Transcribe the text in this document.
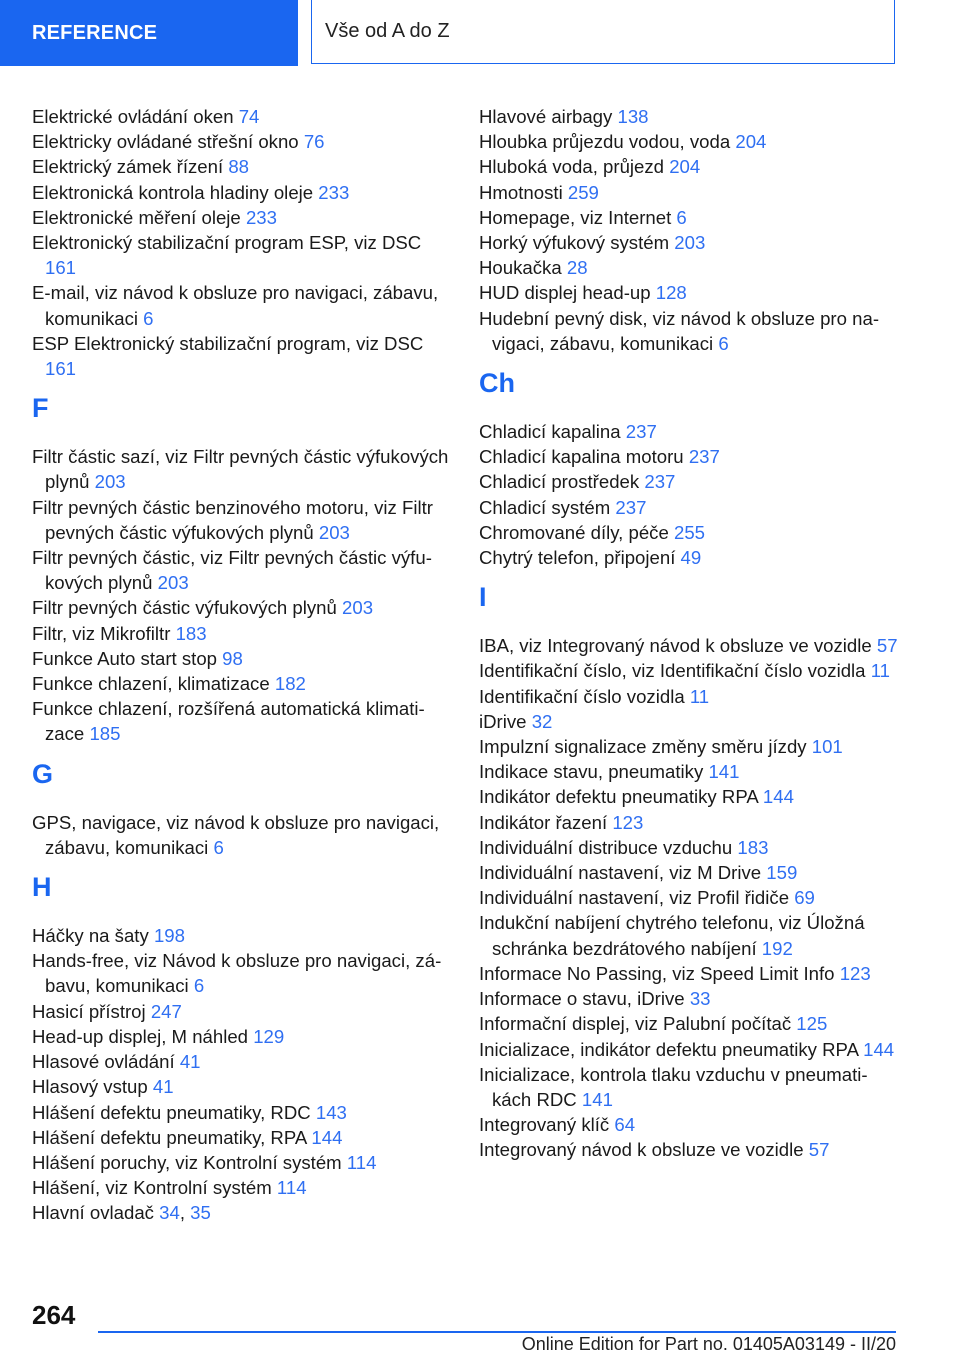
REFERENCE	Vše od A do Z
Elektrické ovládání oken 74
Elektricky ovládané střešní okno 76
Elektrický zámek řízení 88
Elektronická kontrola hladiny oleje 233
Elektronické měření oleje 233
Elektronický stabilizační program ESP, viz DSC 161
E-mail, viz návod k obsluze pro navigaci, zábavu, komunikaci 6
ESP Elektronický stabilizační program, viz DSC 161
F
Filtr částic sazí, viz Filtr pevných částic výfukových plynů 203
Filtr pevných částic benzinového motoru, viz Filtr pevných částic výfukových plynů 203
Filtr pevných částic, viz Filtr pevných částic výfukových plynů 203
Filtr pevných částic výfukových plynů 203
Filtr, viz Mikrofiltr 183
Funkce Auto start stop 98
Funkce chlazení, klimatizace 182
Funkce chlazení, rozšířená automatická klimatizace 185
G
GPS, navigace, viz návod k obsluze pro navigaci, zábavu, komunikaci 6
H
Háčky na šaty 198
Hands-free, viz Návod k obsluze pro navigaci, zábavu, komunikaci 6
Hasicí přístroj 247
Head-up displej, M náhled 129
Hlasové ovládání 41
Hlasový vstup 41
Hlášení defektu pneumatiky, RDC 143
Hlášení defektu pneumatiky, RPA 144
Hlášení poruchy, viz Kontrolní systém 114
Hlášení, viz Kontrolní systém 114
Hlavní ovladač 34, 35
Hlavové airbagy 138
Hloubka průjezdu vodou, voda 204
Hluboká voda, průjezd 204
Hmotnosti 259
Homepage, viz Internet 6
Horký výfukový systém 203
Houkačka 28
HUD displej head-up 128
Hudební pevný disk, viz návod k obsluze pro navigaci, zábavu, komunikaci 6
Ch
Chladicí kapalina 237
Chladicí kapalina motoru 237
Chladicí prostředek 237
Chladicí systém 237
Chromované díly, péče 255
Chytrý telefon, připojení 49
I
IBA, viz Integrovaný návod k obsluze ve vozidle 57
Identifikační číslo, viz Identifikační číslo vozidla 11
Identifikační číslo vozidla 11
iDrive 32
Impulzní signalizace změny směru jízdy 101
Indikace stavu, pneumatiky 141
Indikátor defektu pneumatiky RPA 144
Indikátor řazení 123
Individuální distribuce vzduchu 183
Individuální nastavení, viz M Drive 159
Individuální nastavení, viz Profil řidiče 69
Indukční nabíjení chytrého telefonu, viz Úložná schránka bezdrátového nabíjení 192
Informace No Passing, viz Speed Limit Info 123
Informace o stavu, iDrive 33
Informační displej, viz Palubní počítač 125
Inicializace, indikátor defektu pneumatiky RPA 144
Inicializace, kontrola tlaku vzduchu v pneumatikách RDC 141
Integrovaný klíč 64
Integrovaný návod k obsluze ve vozidle 57
264
Online Edition for Part no. 01405A03149 - II/20
